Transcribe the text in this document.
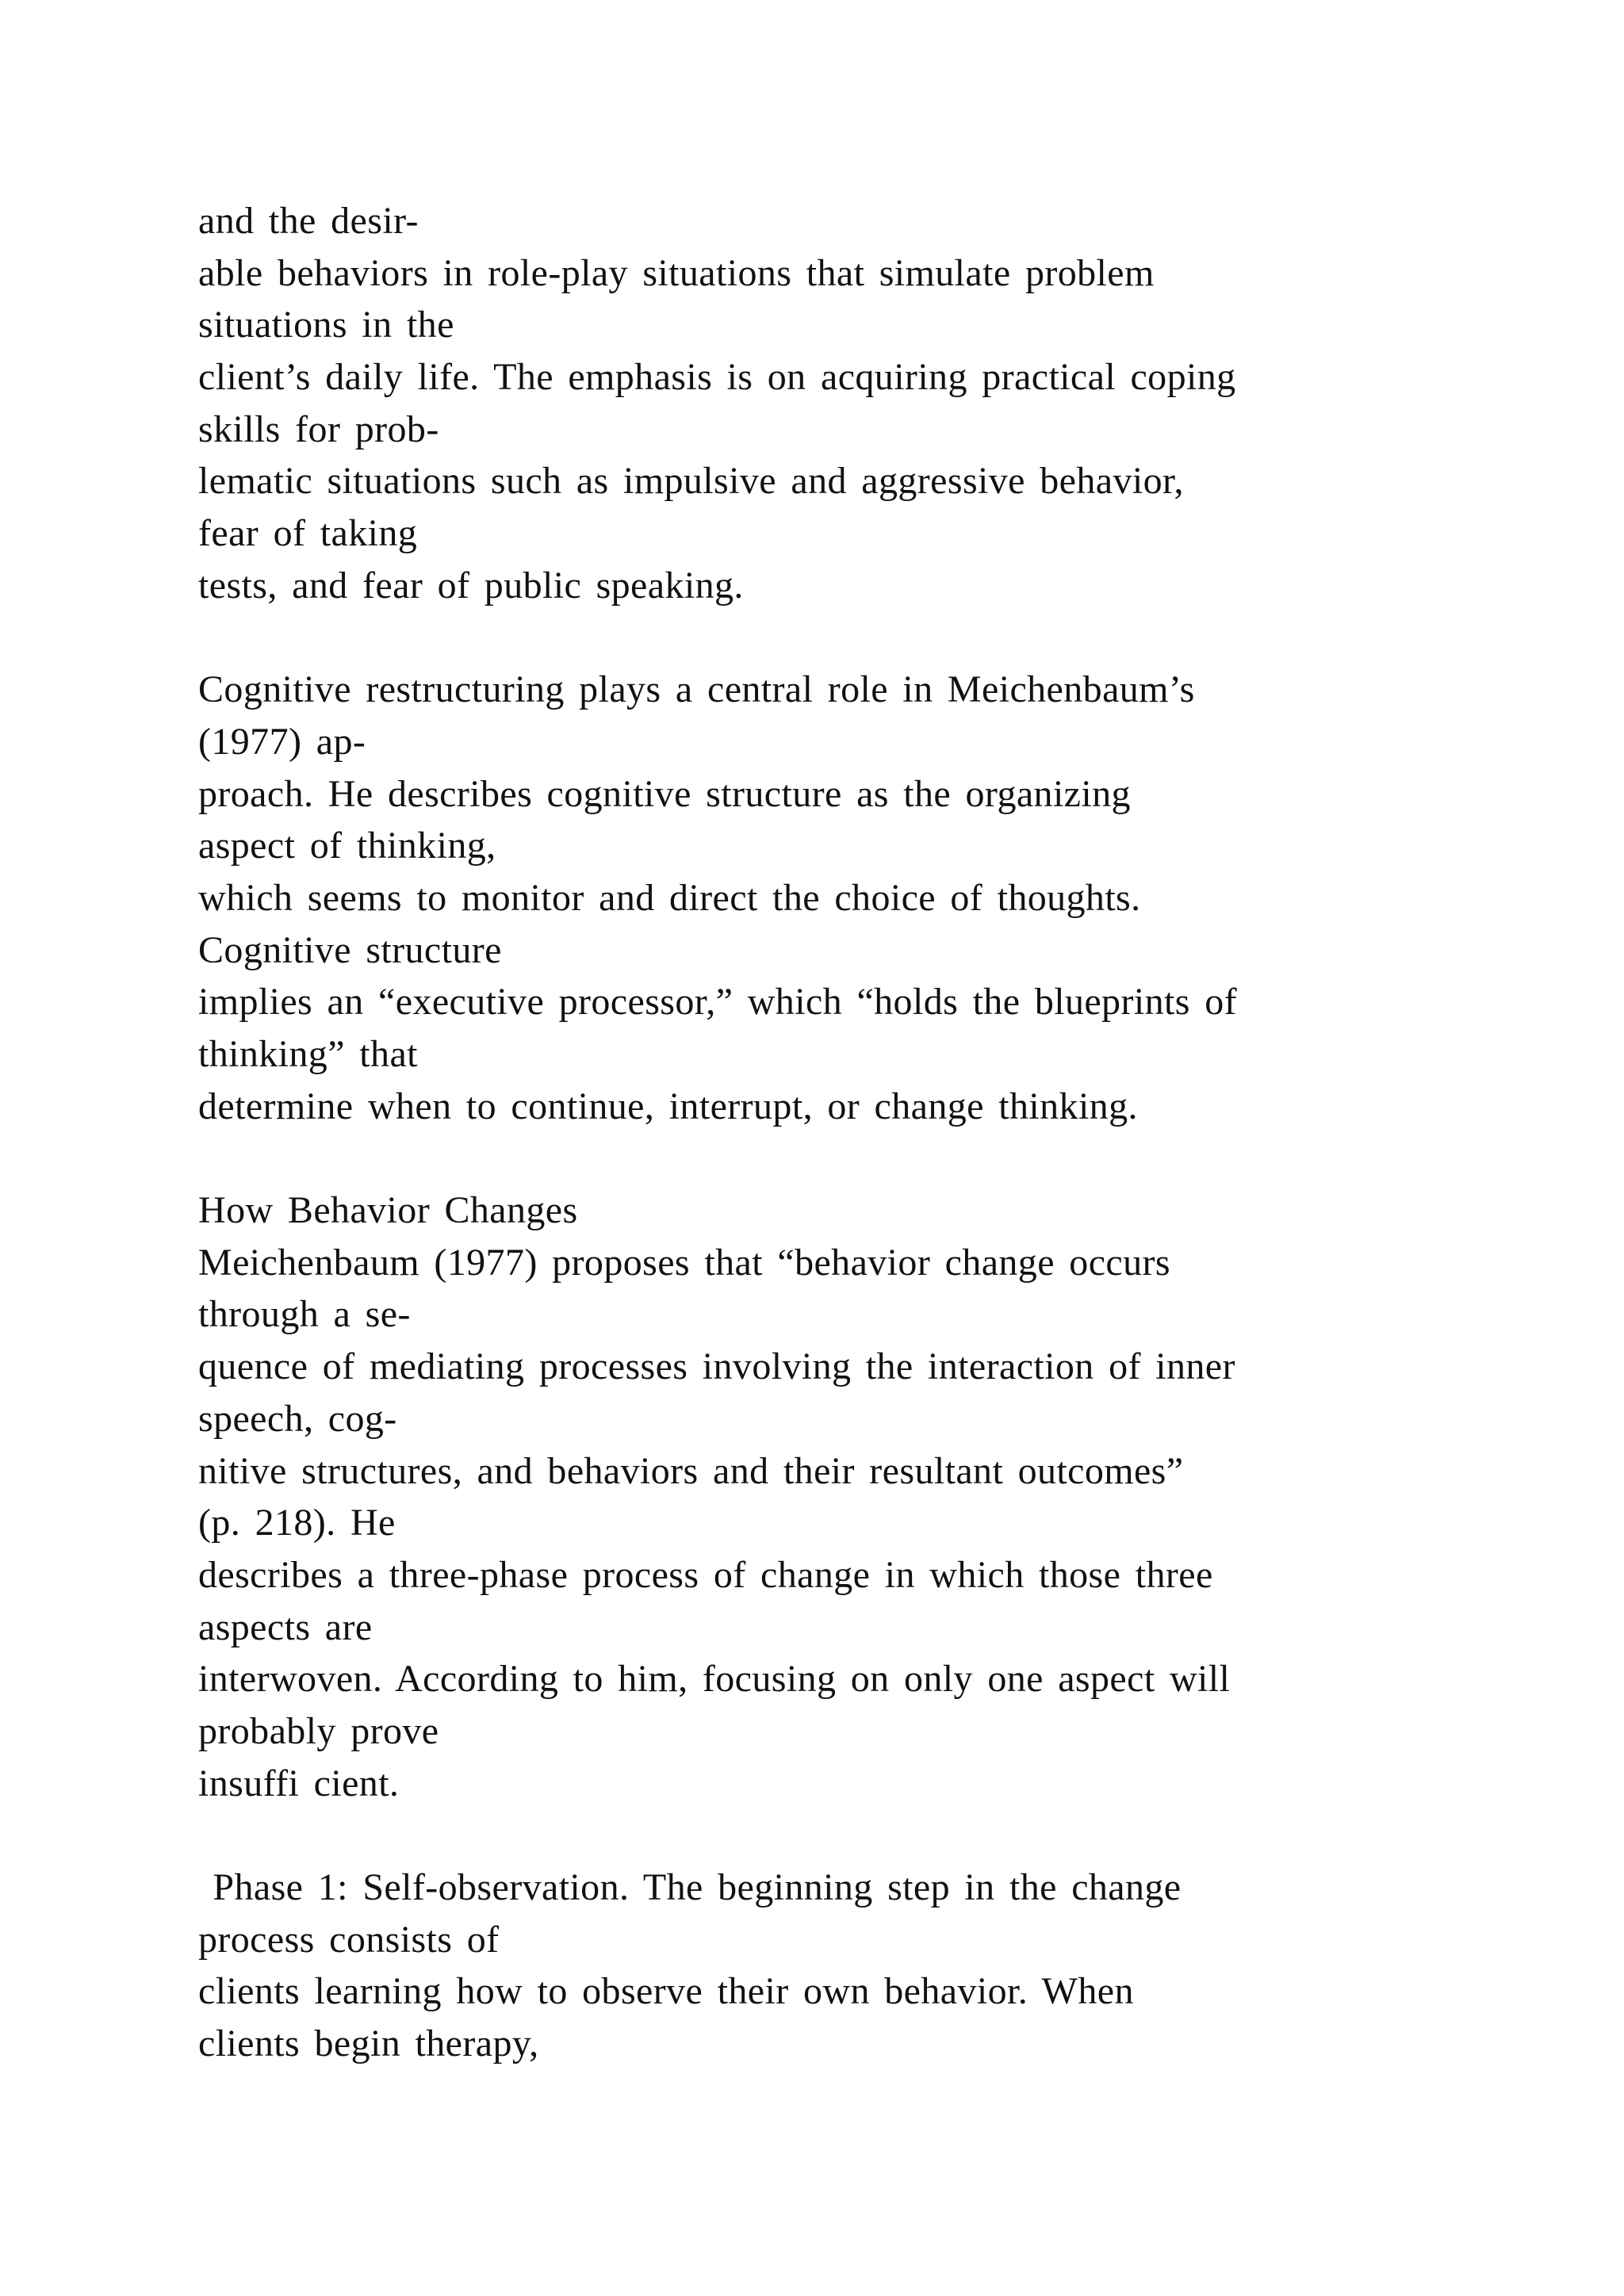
and the desir-
able behaviors in role-play situations that simulate problem
situations in the
client’s daily life. The emphasis is on acquiring practical coping
skills for prob-
lematic situations such as impulsive and aggressive behavior,
fear of taking
tests, and fear of public speaking.
Cognitive restructuring plays a central role in Meichenbaum’s
(1977) ap-
proach. He describes cognitive structure as the organizing
aspect of thinking,
which seems to monitor and direct the choice of thoughts.
Cognitive structure
implies an “executive processor,” which “holds the blueprints of
thinking” that
determine when to continue, interrupt, or change thinking.
How Behavior Changes
Meichenbaum (1977) proposes that “behavior change occurs
through a se-
quence of mediating processes involving the interaction of inner
speech, cog-
nitive structures, and behaviors and their resultant outcomes”
(p. 218). He
describes a three-phase process of change in which those three
aspects are
interwoven. According to him, focusing on only one aspect will
probably prove
insuffi cient.
Phase 1: Self-observation. The beginning step in the change
process consists of
clients learning how to observe their own behavior. When
clients begin therapy,
